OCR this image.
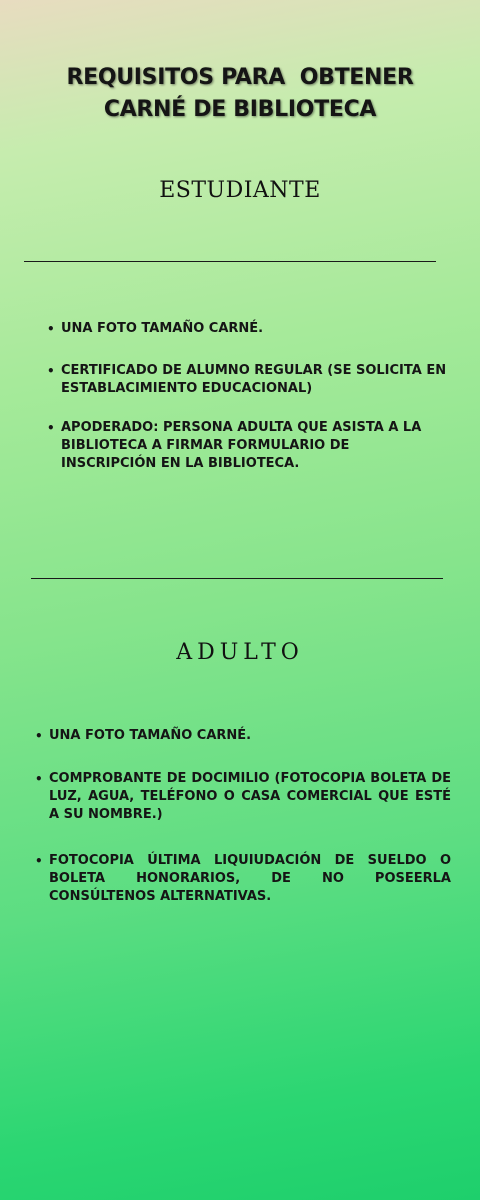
REQUISITOS PARA  OBTENER
CARNÉ DE BIBLIOTECA
ESTUDIANTE
• UNA FOTO TAMAÑO CARNÉ.
• CERTIFICADO DE ALUMNO REGULAR (SE SOLICITA EN ESTABLACIMIENTO EDUCACIONAL)
• APODERADO: PERSONA ADULTA QUE ASISTA A LA BIBLIOTECA A FIRMAR FORMULARIO DE INSCRIPCIÓN EN LA BIBLIOTECA.
ADULTO
• UNA FOTO TAMAÑO CARNÉ.
• COMPROBANTE DE DOCIMILIO (FOTOCOPIA BOLETA DE LUZ, AGUA, TELÉFONO O CASA COMERCIAL QUE ESTÉ A SU NOMBRE.)
• FOTOCOPIA ÚLTIMA LIQUIUDACIÓN DE SUELDO O BOLETA HONORARIOS, DE NO POSEERLA CONSÚLTENOS ALTERNATIVAS.
